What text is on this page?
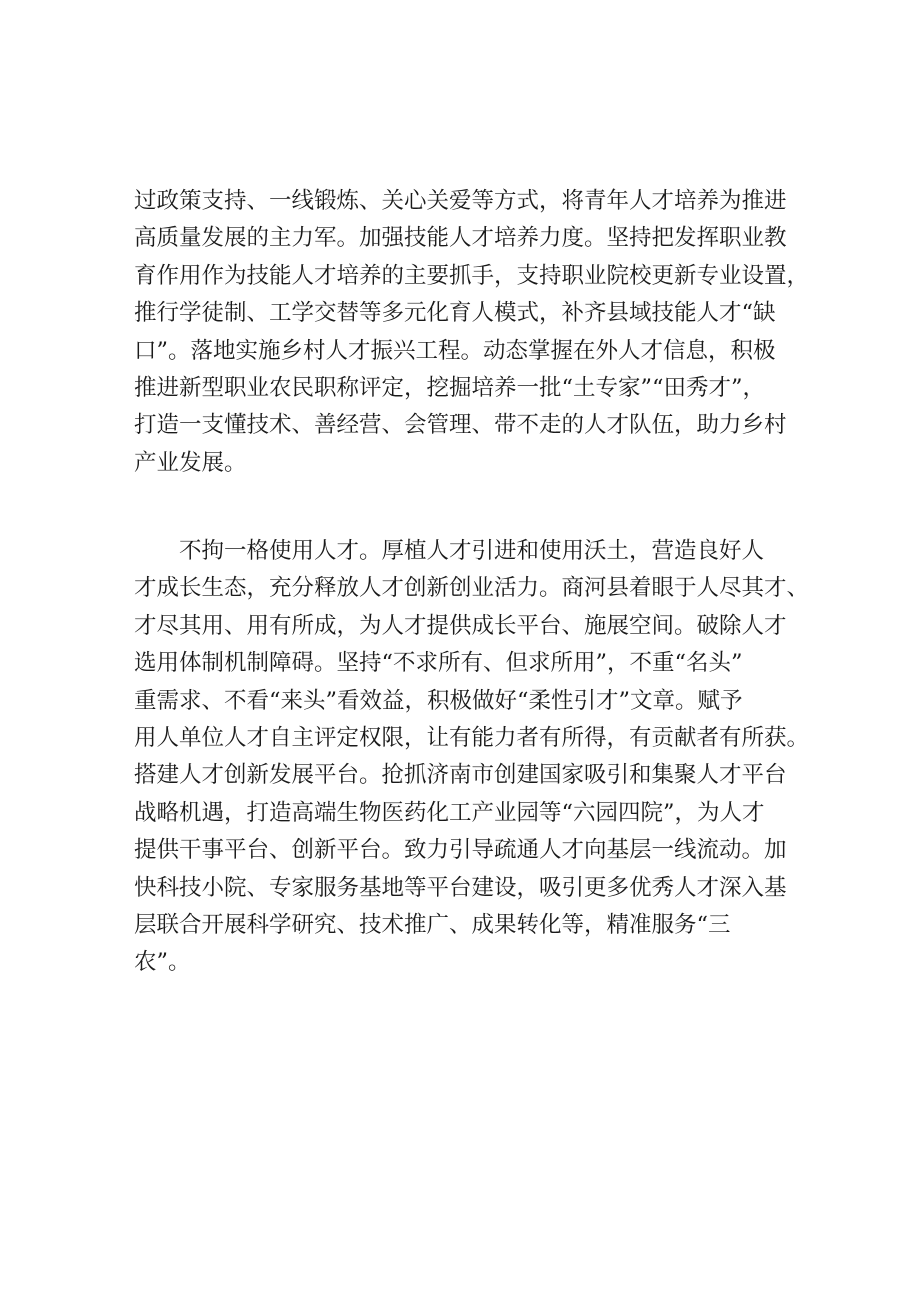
过政策支持、一线锻炼、关心关爱等方式，将青年人才培养为推进
高质量发展的主力军。加强技能人才培养力度。坚持把发挥职业教
育作用作为技能人才培养的主要抓手，支持职业院校更新专业设置，
推行学徒制、工学交替等多元化育人模式，补齐县域技能人才“缺
口”。落地实施乡村人才振兴工程。动态掌握在外人才信息，积极
推进新型职业农民职称评定，挖掘培养一批“土专家”“田秀才”，
打造一支懂技术、善经营、会管理、带不走的人才队伍，助力乡村
产业发展。
不拘一格使用人才。厚植人才引进和使用沃土，营造良好人
才成长生态，充分释放人才创新创业活力。商河县着眼于人尽其才、
才尽其用、用有所成，为人才提供成长平台、施展空间。破除人才
选用体制机制障碍。坚持“不求所有、但求所用”，不重“名头”
重需求、不看“来头”看效益，积极做好“柔性引才”文章。赋予
用人单位人才自主评定权限，让有能力者有所得，有贡献者有所获。
搭建人才创新发展平台。抢抓济南市创建国家吸引和集聚人才平台
战略机遇，打造高端生物医药化工产业园等“六园四院”，为人才
提供干事平台、创新平台。致力引导疏通人才向基层一线流动。加
快科技小院、专家服务基地等平台建设，吸引更多优秀人才深入基
层联合开展科学研究、技术推广、成果转化等，精准服务“三
农”。
